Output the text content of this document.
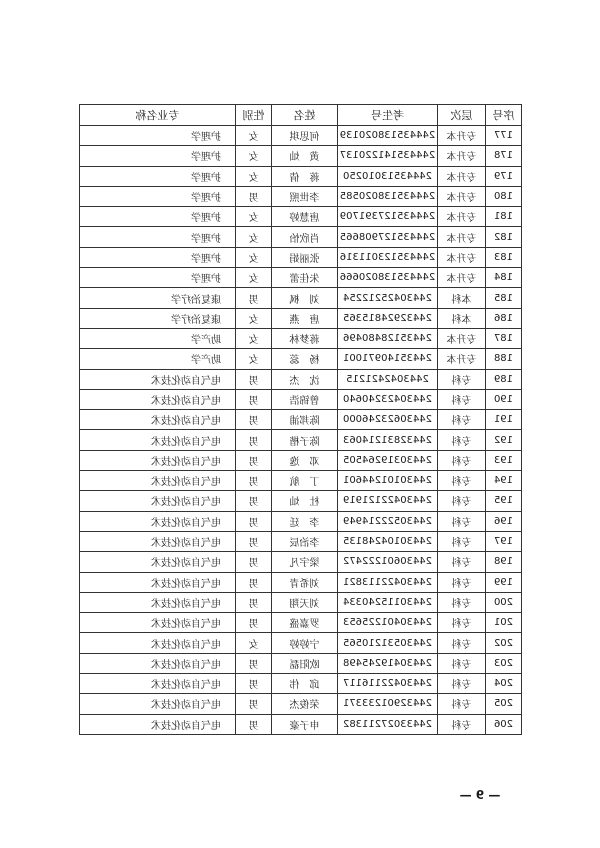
序号	层次	考生号	姓名	性别	专业名称
177	专升本	244435138020139	何思琪	女	护理学
178	专升本	244435141220137	黄　灿	女	护理学
179	专升本	24443513010250	蒋　倩	女	护理学
180	专升本	244435138020585	李世照	男	护理学
181	专升本	244435127391709	唐慧婷	女	护理学
182	专升本	244435127908665	肖欣怡	女	护理学
183	专升本	244435123011316	张丽娟	女	护理学
184	专升本	244435138020666	朱佳蕾	女	护理学
185	本科	24430425212254	刘　枫	男	康复治疗学
186	本科	24432924815365	唐　燕	女	康复治疗学
187	专升本	24435128480496	蒋梦林	女	助产学
188	专升本	24435140971001	杨　蕊	女	助产学
189	专科	2443042421215	沈　杰	男	电气自动化技术
190	专科	24430423240640	曾锦浩	男	电气自动化技术
191	专科	24430623246000	陈邦浦	男	电气自动化技术
192	专科	24432831214063	陈子楷	男	电气自动化技术
193	专科	24430319264505	邓　逸	男	电气自动化技术
194	专科	24430101244601	丁　航	男	电气自动化技术
195	专科	24430422121919	杜　灿	男	电气自动化技术
196	专科	24430522214949	李　廷	男	电气自动化技术
197	专科	24430104248135	李治辰	男	电气自动化技术
198	专科	24430601222472	梁宇凡	男	电气自动化技术
199	专科	24430422113821	刘希青	男	电气自动化技术
200	专科	24430115240334	刘天翔	男	电气自动化技术
201	专科	24430401225653	罗嘉盛	男	电气自动化技术
202	专科	24430531210565	宁婷婷	女	电气自动化技术
203	专科	24430419245498	欧阳磊	男	电气自动化技术
204	专科	24430422116117	邱　伟	男	电气自动化技术
205	专科	24432901233371	荣俊杰	男	电气自动化技术
206	专科	24433027211382	申子豪	男	电气自动化技术
— 9 —
